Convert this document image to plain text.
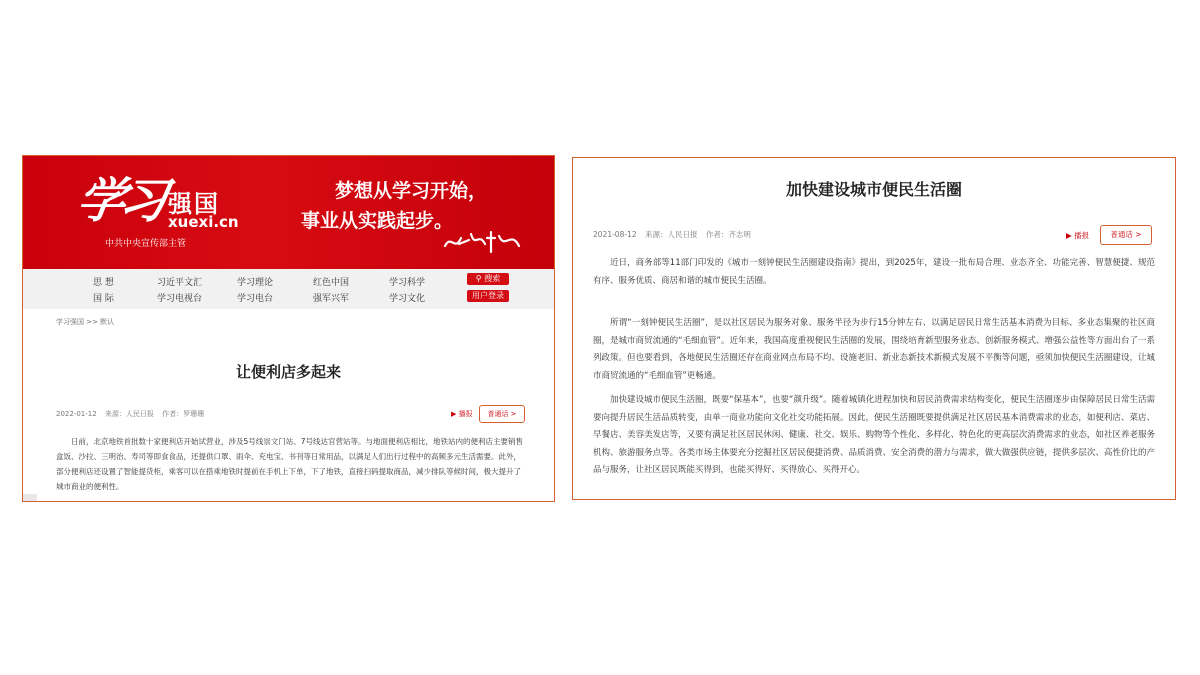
学习 强国
xuexi.cn
中共中央宣传部主管
梦想从学习开始，
事业从实践起步。
思 想	习近平文汇	学习理论	红色中国	学习科学
国 际	学习电视台	学习电台	强军兴军	学习文化
⚲ 搜索
用户登录
学习强国 >> 默认
让便利店多起来
2022-01-12 来源：人民日报 作者：罗珊珊	▶ 播报	普通话 >
日前，北京地铁首批数十家便利店开始试营业，涉及5号线崇文门站、7号线达官营站等。与地面便利店相比，地铁站内的便利店主要销售盒饭、沙拉、三明治、寿司等即食食品，还提供口罩、雨伞、充电宝、书刊等日常用品，以满足人们出行过程中的高频多元生活需要。此外，部分便利店还设置了智能提货柜，乘客可以在搭乘地铁时提前在手机上下单，下了地铁，直接扫码提取商品，减少排队等候时间，极大提升了城市商业的便利性。
加快建设城市便民生活圈
2021-08-12 来源：人民日报 作者：齐志明	▶ 播报	普通话 >
近日，商务部等11部门印发的《城市一刻钟便民生活圈建设指南》提出，到2025年，建设一批布局合理、业态齐全、功能完善、智慧便捷、规范有序、服务优质、商居和谐的城市便民生活圈。
所谓“一刻钟便民生活圈”，是以社区居民为服务对象、服务半径为步行15分钟左右、以满足居民日常生活基本消费为目标、多业态集聚的社区商圈，是城市商贸流通的“毛细血管”。近年来，我国高度重视便民生活圈的发展，围绕培育新型服务业态、创新服务模式、增强公益性等方面出台了一系列政策。但也要看到，各地便民生活圈还存在商业网点布局不均、设施老旧、新业态新技术新模式发展不平衡等问题，亟须加快便民生活圈建设，让城市商贸流通的“毛细血管”更畅通。
加快建设城市便民生活圈，既要“保基本”，也要“颜升级”。随着城镇化进程加快和居民消费需求结构变化，便民生活圈逐步由保障居民日常生活需要向提升居民生活品质转变，由单一商业功能向文化社交功能拓展。因此，便民生活圈既要提供满足社区居民基本消费需求的业态，如便利店、菜店、早餐店、美容美发店等，又要有满足社区居民休闲、健康、社交、娱乐、购物等个性化、多样化、特色化的更高层次消费需求的业态，如社区养老服务机构、旅游服务点等。各类市场主体要充分挖掘社区居民便捷消费、品质消费、安全消费的潜力与需求，做大做强供应链，提供多层次、高性价比的产品与服务，让社区居民既能买得到，也能买得好、买得放心、买得开心。
